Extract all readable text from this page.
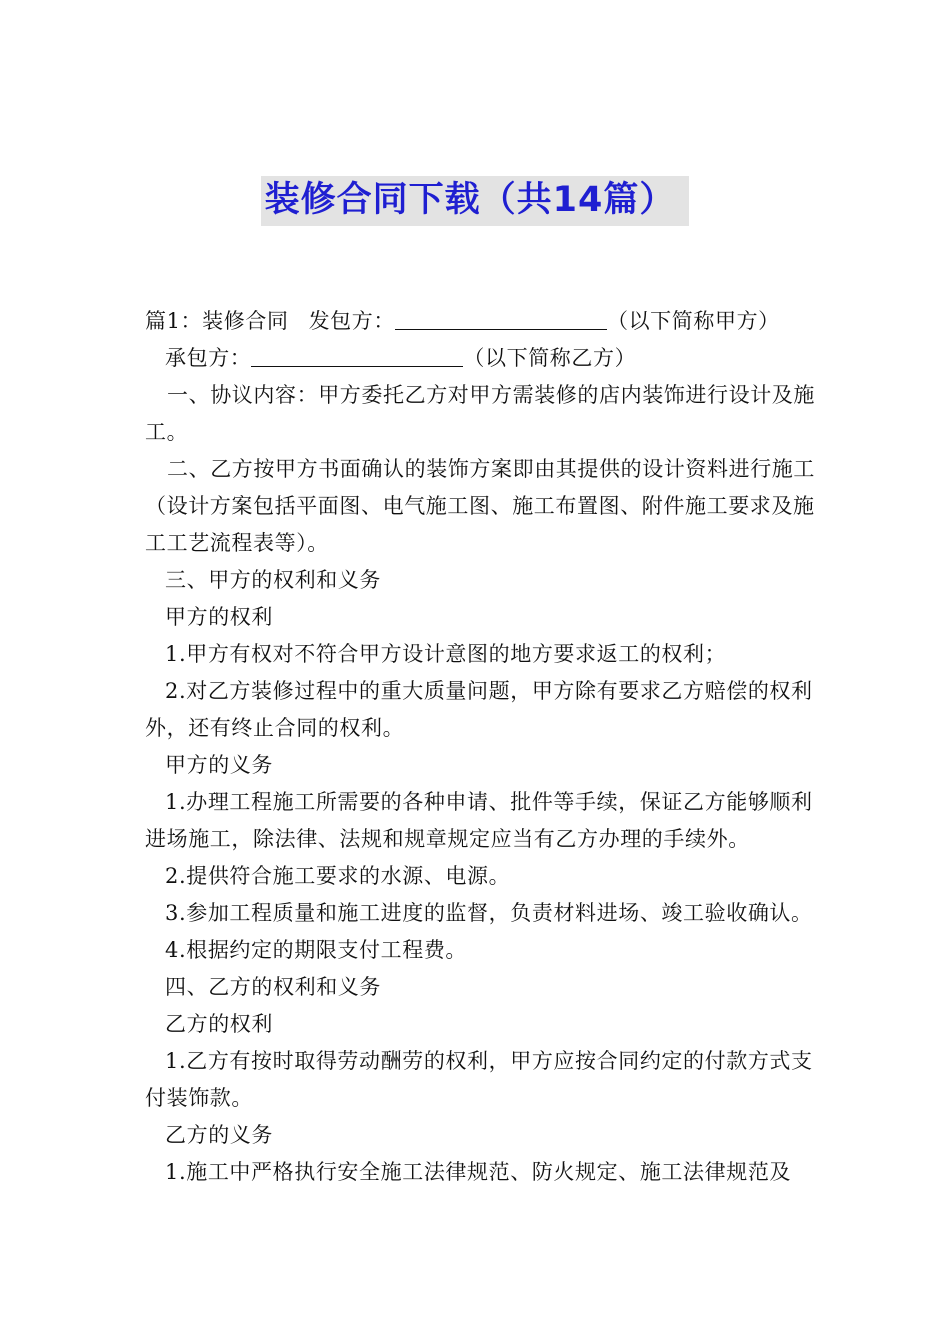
装修合同下载（共14篇）

篇1：装修合同 发包方：	（以下简称甲方）

承包方：	（以下简称乙方）

一、协议内容：甲方委托乙方对甲方需装修的店内装饰进行设计及施工。

二、乙方按甲方书面确认的装饰方案即由其提供的设计资料进行施工（设计方案包括平面图、电气施工图、施工布置图、附件施工要求及施工工艺流程表等）。

三、甲方的权利和义务

甲方的权利

1.甲方有权对不符合甲方设计意图的地方要求返工的权利；

2.对乙方装修过程中的重大质量问题，甲方除有要求乙方赔偿的权利外，还有终止合同的权利。

甲方的义务

1.办理工程施工所需要的各种申请、批件等手续，保证乙方能够顺利进场施工，除法律、法规和规章规定应当有乙方办理的手续外。

2.提供符合施工要求的水源、电源。

3.参加工程质量和施工进度的监督，负责材料进场、竣工验收确认。

4.根据约定的期限支付工程费。

四、乙方的权利和义务

乙方的权利

1.乙方有按时取得劳动酬劳的权利，甲方应按合同约定的付款方式支付装饰款。

乙方的义务

1.施工中严格执行安全施工法律规范、防火规定、施工法律规范及
